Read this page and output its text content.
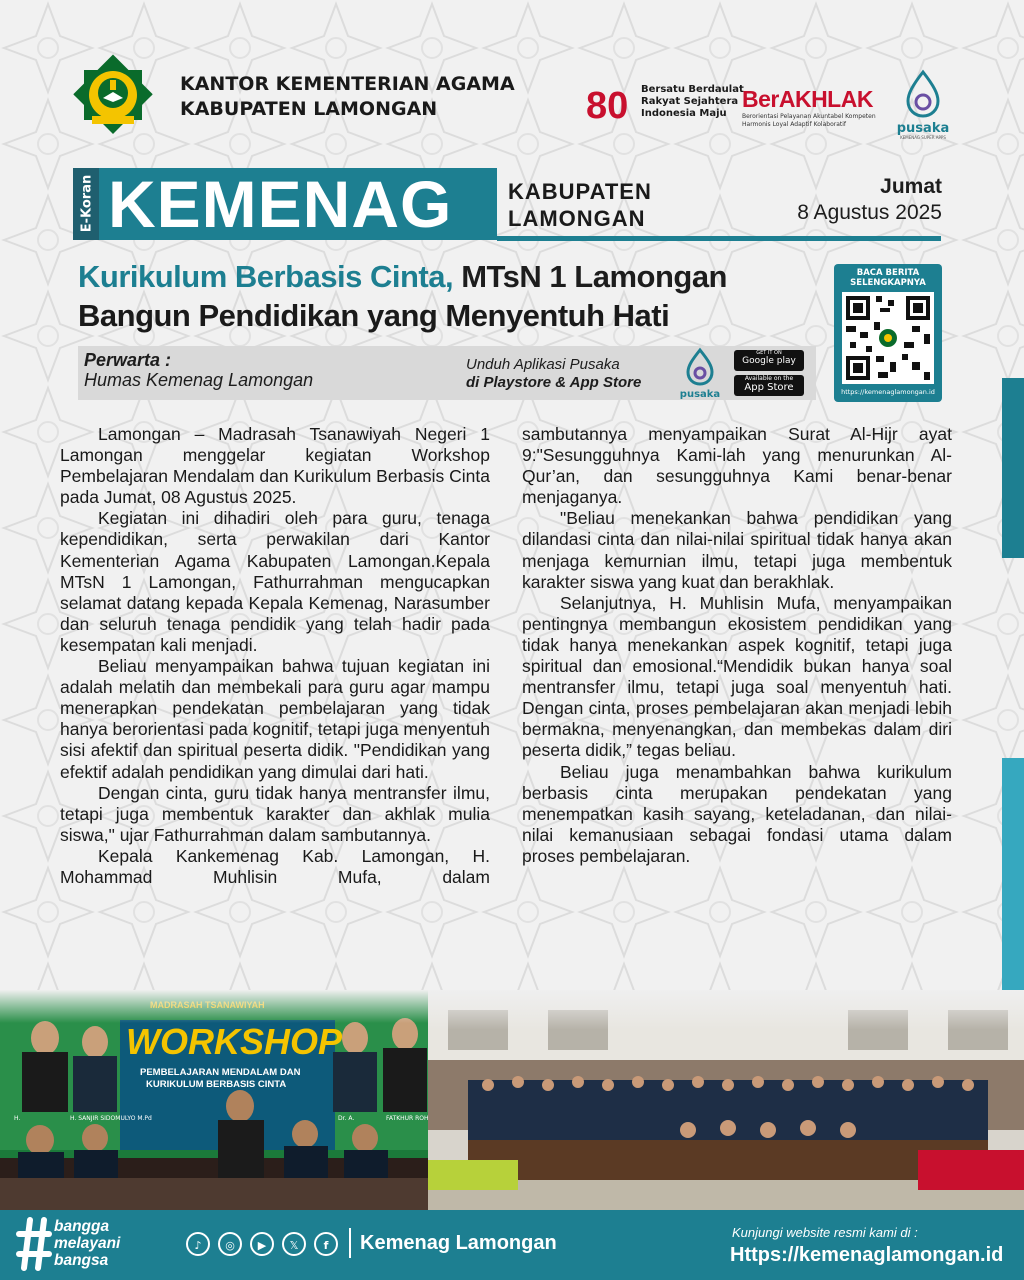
KANTOR KEMENTERIAN AGAMA
KABUPATEN LAMONGAN	80 Bersatu Berdaulat
Rakyat Sejahtera
Indonesia Maju
BerAKHLAK
Berorientasi Pelayanan Akuntabel Kompeten Harmonis Loyal Adaptif Kolaboratif	pusaka
KEMENAG SUPER APPS
E-Koran KEMENAG	KABUPATEN
LAMONGAN
Jumat
8 Agustus 2025
Kurikulum Berbasis Cinta, MTsN 1 Lamongan
Bangun Pendidikan yang Menyentuh Hati
BACA BERITA SELENGKAPNYA
https://kemenaglamongan.id
Perwarta :
Humas Kemenag Lamongan
Unduh Aplikasi Pusaka
di Playstore & App Store
pusaka
GET IT ON
Google play
Available on the
App Store

Lamongan – Madrasah Tsanawiyah Negeri 1 Lamongan menggelar kegiatan Workshop Pembelajaran Mendalam dan Kurikulum Berbasis Cinta pada Jumat, 08 Agustus 2025.

Kegiatan ini dihadiri oleh para guru, tenaga kependidikan, serta perwakilan dari Kantor Kementerian Agama Kabupaten Lamongan.Kepala MTsN 1 Lamongan, Fathurrahman mengucapkan selamat datang kepada Kepala Kemenag, Narasumber dan seluruh tenaga pendidik yang telah hadir pada kesempatan kali menjadi.

Beliau menyampaikan bahwa tujuan kegiatan ini adalah melatih dan membekali para guru agar mampu menerapkan pendekatan pembelajaran yang tidak hanya berorientasi pada kognitif, tetapi juga menyentuh sisi afektif dan spiritual peserta didik. "Pendidikan yang efektif adalah pendidikan yang dimulai dari hati.

Dengan cinta, guru tidak hanya mentransfer ilmu, tetapi juga membentuk karakter dan akhlak mulia siswa," ujar Fathurrahman dalam sambutannya.

Kepala Kankemenag Kab. Lamongan, H. Mohammad Muhlisin Mufa, dalam

sambutannya menyampaikan Surat Al-Hijr ayat 9:"Sesungguhnya Kami-lah yang menurunkan Al-Qur’an, dan sesungguhnya Kami benar-benar menjaganya.

"Beliau menekankan bahwa pendidikan yang dilandasi cinta dan nilai-nilai spiritual tidak hanya akan menjaga kemurnian ilmu, tetapi juga membentuk karakter siswa yang kuat dan berakhlak.

Selanjutnya, H. Muhlisin Mufa, menyampaikan pentingnya membangun ekosistem pendidikan yang tidak hanya menekankan aspek kognitif, tetapi juga spiritual dan emosional.“Mendidik bukan hanya soal mentransfer ilmu, tetapi juga soal menyentuh hati. Dengan cinta, proses pembelajaran akan menjadi lebih bermakna, menyenangkan, dan membekas dalam diri peserta didik,” tegas beliau.

Beliau juga menambahkan bahwa kurikulum berbasis cinta merupakan pendekatan yang menempatkan kasih sayang, keteladanan, dan nilai-nilai kemanusiaan sebagai fondasi utama dalam proses pembelajaran.

bangga
melayani
bangsa
♪	◎	▶	𝕏	f	Kemenag Lamongan	Kunjungi website resmi kami di :
Https://kemenaglamongan.id
